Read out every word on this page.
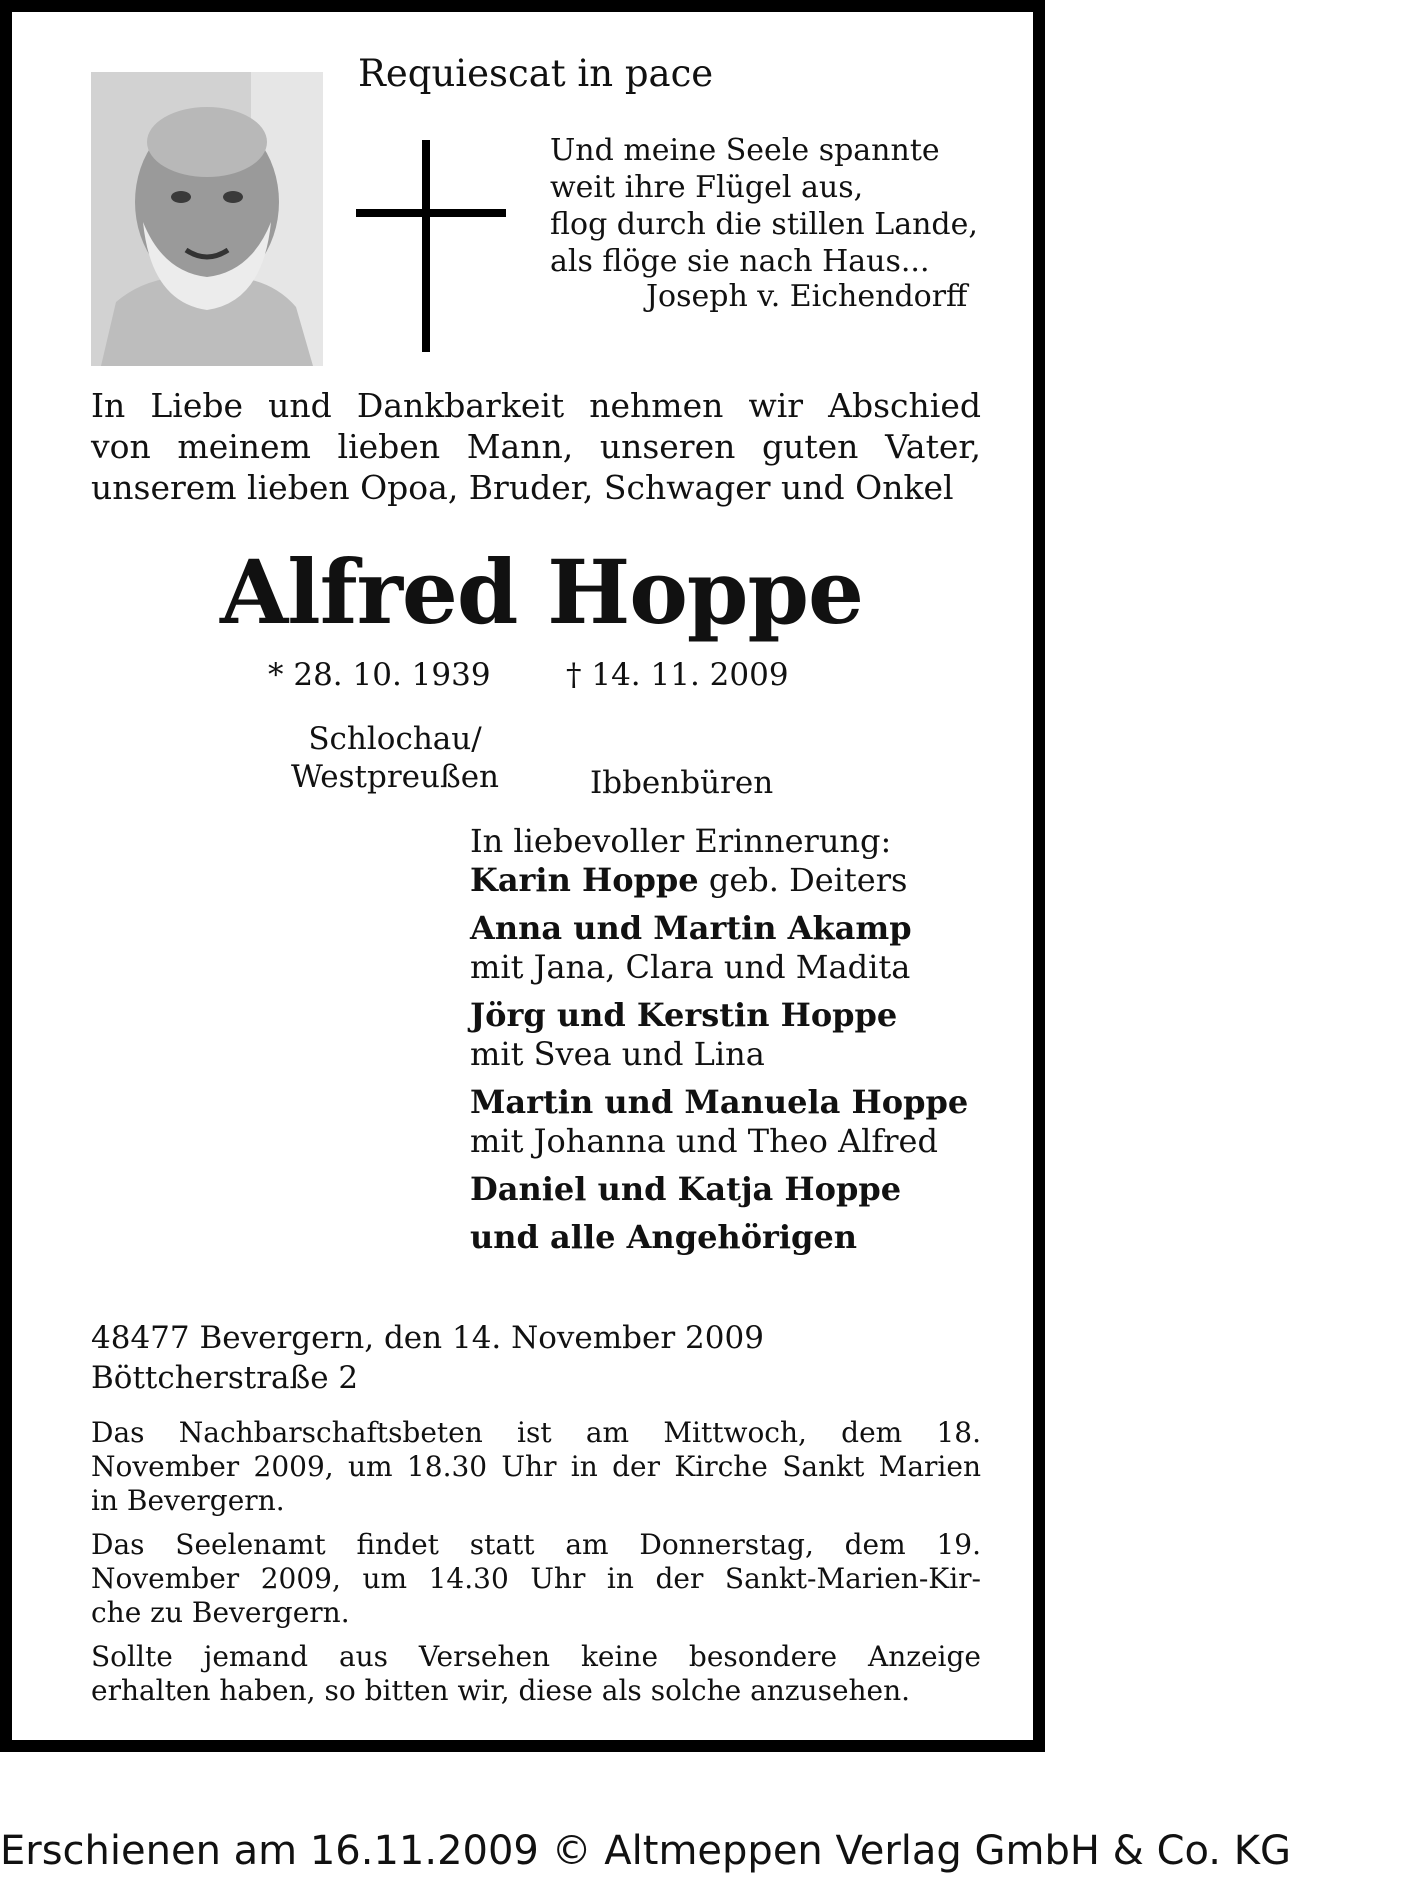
Requiescat in pace
Und meine Seele spannte
weit ihre Flügel aus,
flog durch die stillen Lande,
als flöge sie nach Haus...
Joseph v. Eichendorff
In Liebe und Dankbarkeit nehmen wir Abschied
von meinem lieben Mann, unseren guten Vater,
unserem lieben Opoa, Bruder, Schwager und Onkel
Alfred Hoppe
* 28. 10. 1939 † 14. 11. 2009
Schlochau/
Westpreußen	Ibbenbüren
In liebevoller Erinnerung:
Karin Hoppe geb. Deiters
Anna und Martin Akamp
mit Jana, Clara und Madita
Jörg und Kerstin Hoppe
mit Svea und Lina
Martin und Manuela Hoppe
mit Johanna und Theo Alfred
Daniel und Katja Hoppe
und alle Angehörigen
48477 Bevergern, den 14. November 2009
Böttcherstraße 2
Das Nachbarschaftsbeten ist am Mittwoch, dem 18.
November 2009, um 18.30 Uhr in der Kirche Sankt Marien
in Bevergern.
Das Seelenamt findet statt am Donnerstag, dem 19.
November 2009, um 14.30 Uhr in der Sankt-Marien-Kir-
che zu Bevergern.
Sollte jemand aus Versehen keine besondere Anzeige
erhalten haben, so bitten wir, diese als solche anzusehen.
Erschienen am 16.11.2009 © Altmeppen Verlag GmbH & Co. KG
